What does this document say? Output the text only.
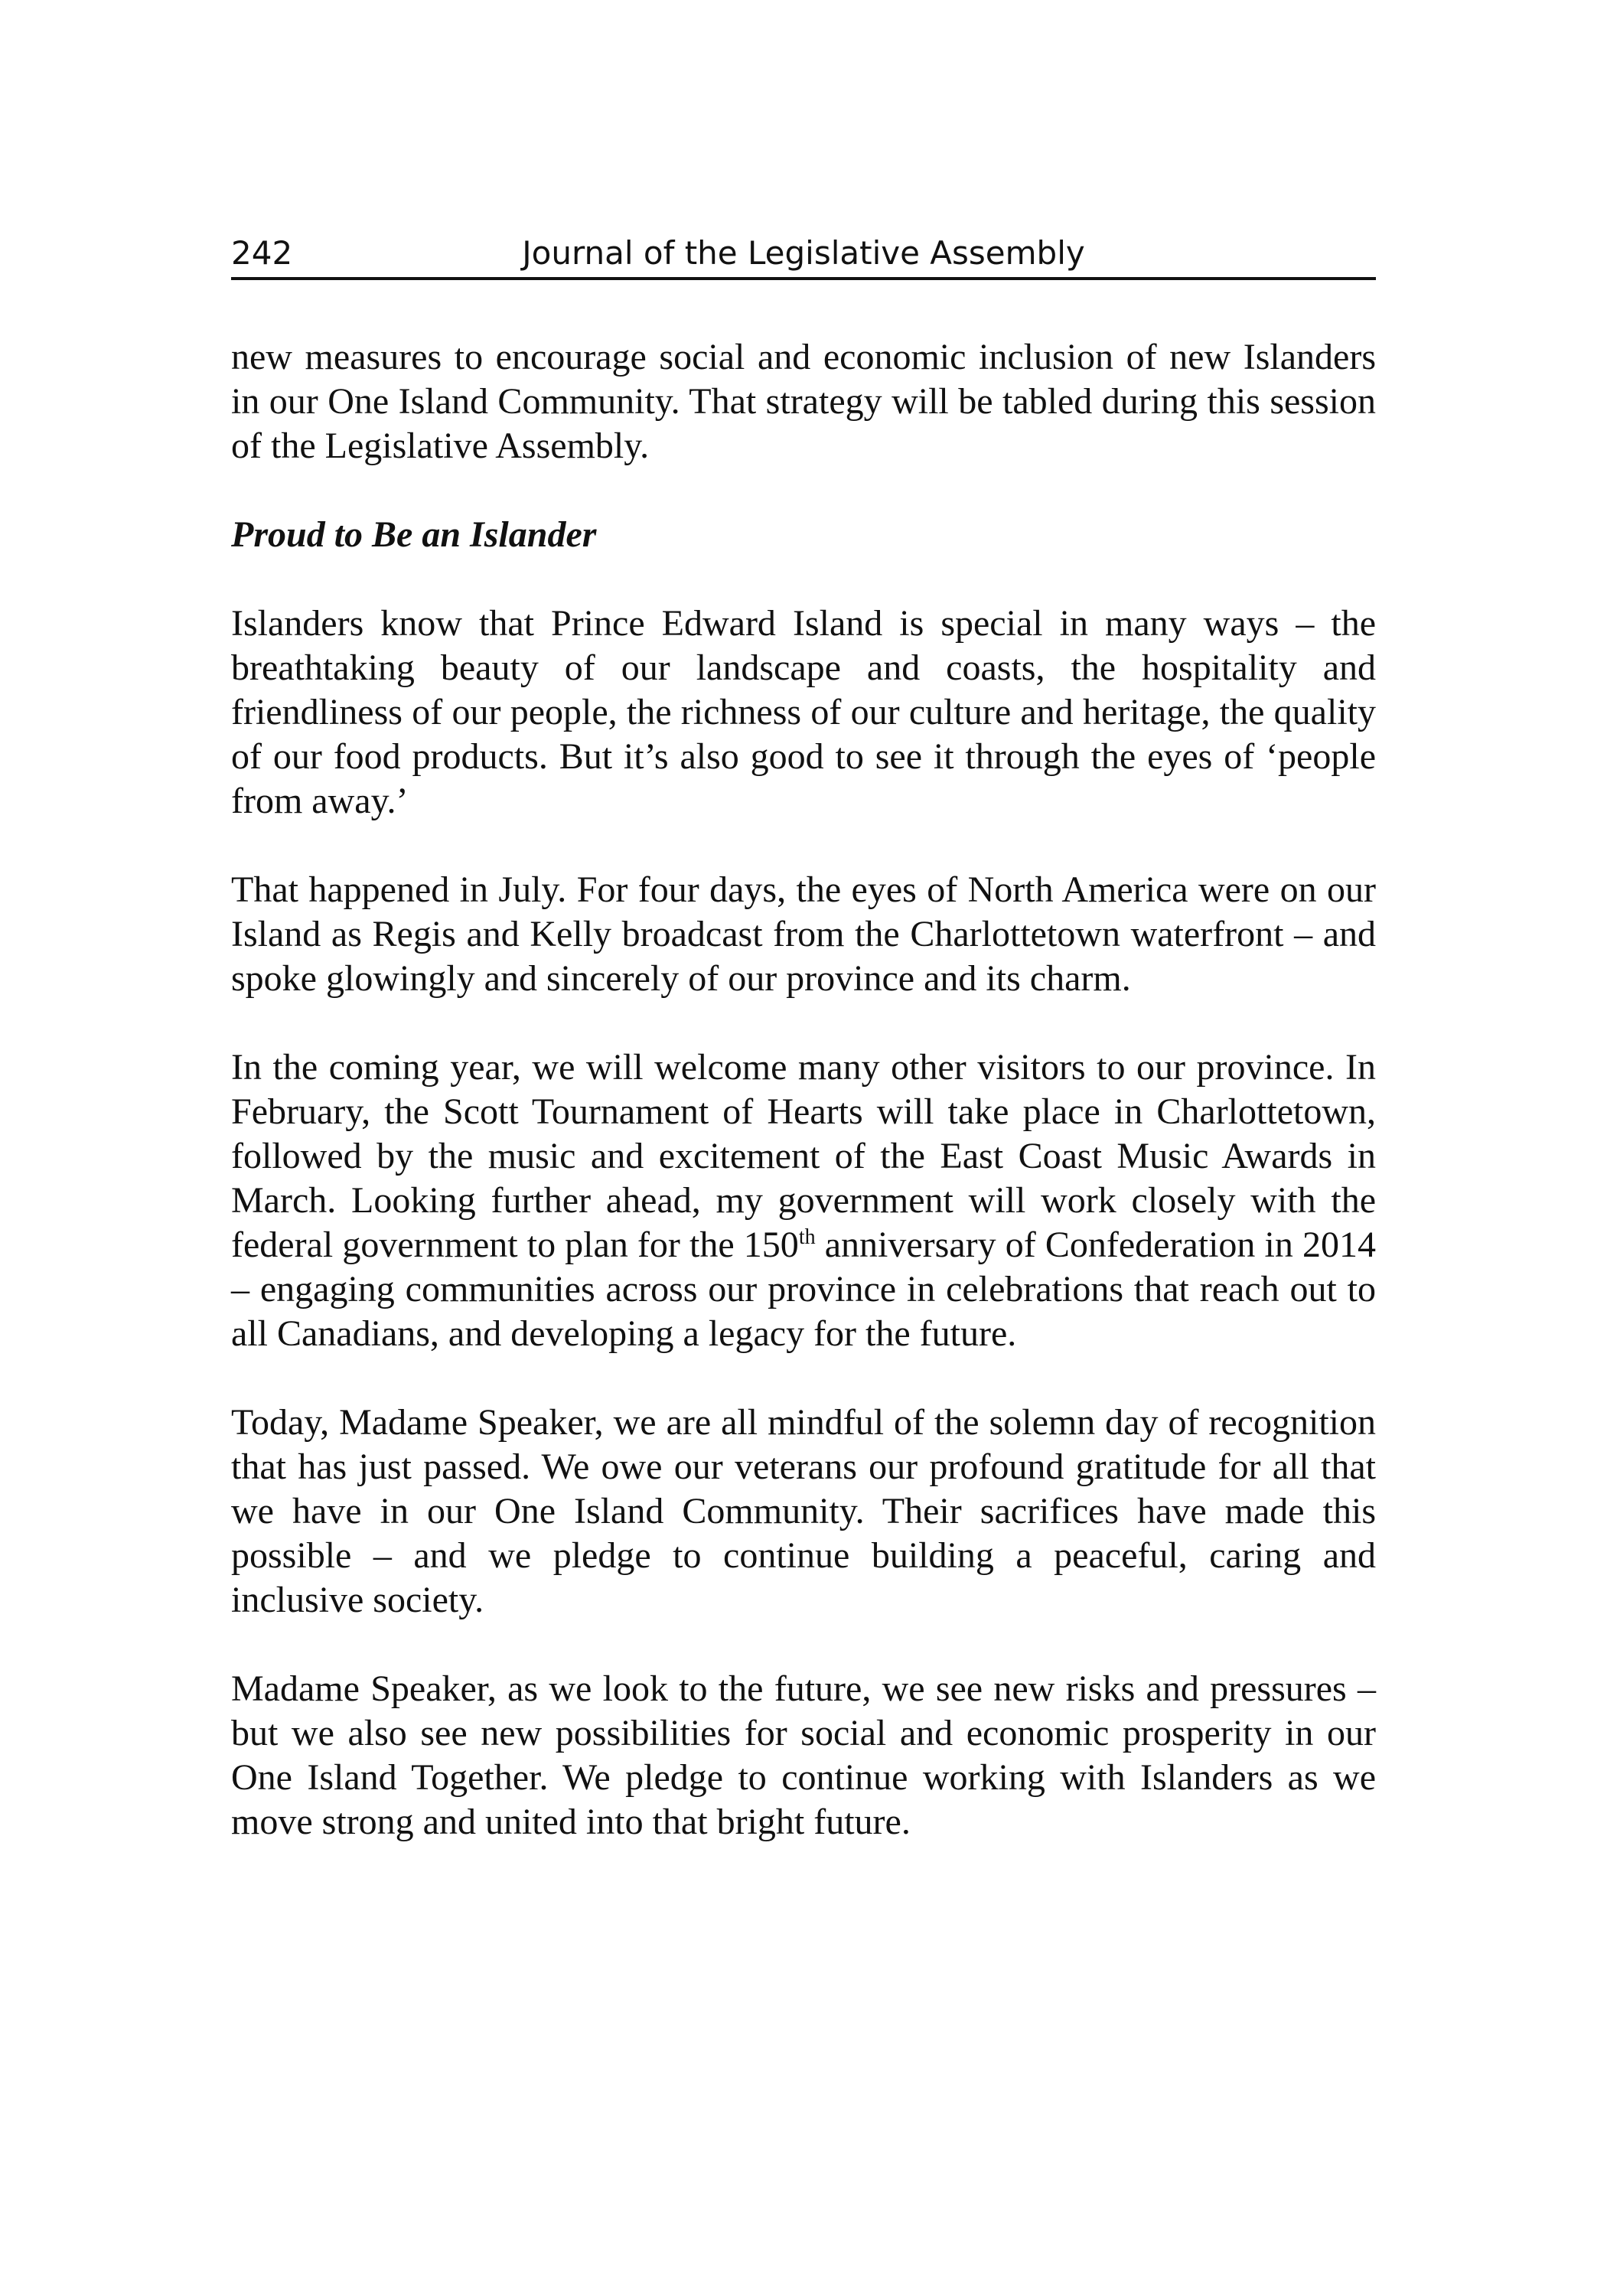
242	Journal of the Legislative Assembly

new measures to encourage social and economic inclusion of new Islanders in our One Island Community. That strategy will be tabled during this session of the Legislative Assembly.

Proud to Be an Islander

Islanders know that Prince Edward Island is special in many ways – the breathtaking beauty of our landscape and coasts, the hospitality and friendliness of our people, the richness of our culture and heritage, the quality of our food products. But it’s also good to see it through the eyes of ‘people from away.’

That happened in July. For four days, the eyes of North America were on our Island as Regis and Kelly broadcast from the Charlottetown waterfront – and spoke glowingly and sincerely of our province and its charm.

In the coming year, we will welcome many other visitors to our province. In February, the Scott Tournament of Hearts will take place in Charlottetown, followed by the music and excitement of the East Coast Music Awards in March. Looking further ahead, my government will work closely with the federal government to plan for the 150th anniversary of Confederation in 2014 – engaging communities across our province in celebrations that reach out to all Canadians, and developing a legacy for the future.

Today, Madame Speaker, we are all mindful of the solemn day of recognition that has just passed. We owe our veterans our profound gratitude for all that we have in our One Island Community. Their sacrifices have made this possible – and we pledge to continue building a peaceful, caring and inclusive society.

Madame Speaker, as we look to the future, we see new risks and pressures – but we also see new possibilities for social and economic prosperity in our One Island Together. We pledge to continue working with Islanders as we move strong and united into that bright future.
